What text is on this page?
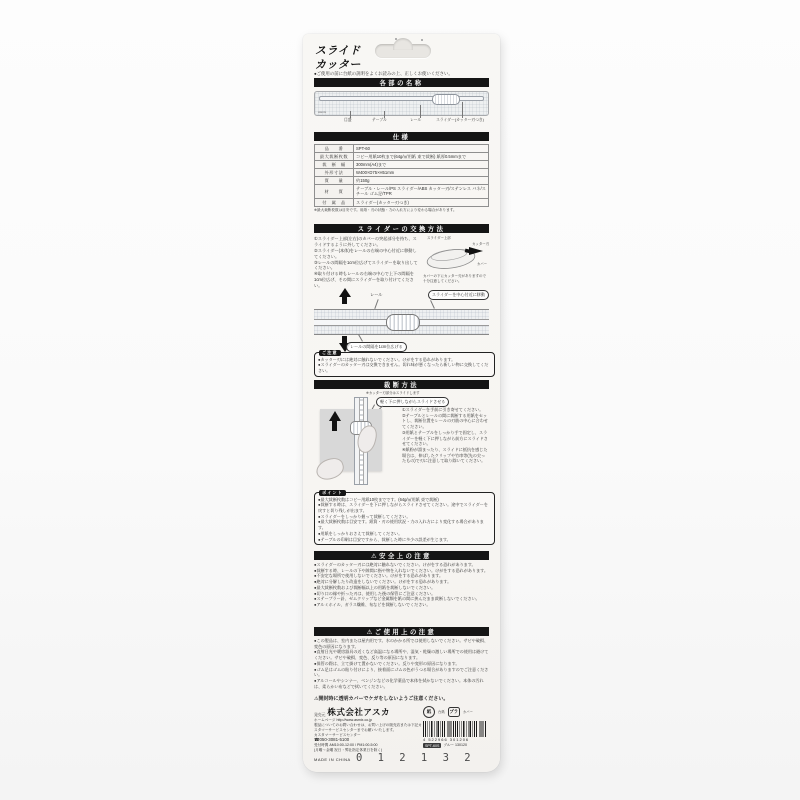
スライド
カッター
●ご使用の前に台紙の説明をよくお読みの上、正しくお使いください。
各部の名称
Asmix
目盛	テーブル	レール	スライダー(カッター刃つき)
仕様
品　　番	SPT-60
最大裁断枚数	コピー用紙10枚まで(64g/㎡用紙 束で裁断) 紙厚0.5mmまで
裁　断　幅	300mm(A4)まで
外形寸法	W400×D75×H51mm
質　　量	約150g
材　　質	テーブル・レール/PS スライダー/ABS カッター刃/ステンレス バネ/スチール ゴム足/TPR
付　属　品	スライダー(カッター刃つき)
※最大裁断枚数は目安です。用紙・刃の状態・力の入れ方により変わる場合があります。
スライダーの交換方法
①スライダー上部(左右)のカバーの突起部分を持ち、スライドするように外してください。
②スライダー(本体)をレールの右端の中心付近に移動してください。
③レールの間隔を1cm位広げてスライダーを取り出してください。
④取り付ける時もレールの右端の中心で上下の間隔を1cm位広げ、その間にスライダーを取り付けてください。
スライダー上部
カッター刃
カバー
カバーの下にカッター刃がありますので十分注意してください。
スライダーを中心付近に移動
レール
レールの間隔を1cm位広げる
ご注意
●カッター刃には絶対に触れないでください。けがをする恐れがあります。
●スライダーのカッター刃は交換できません。切れ味が悪くなったら新しい物に交換してください。
裁断方法
※カッター刃部分はスライドします
軽く下に押しながらスライドさせる
①スライダーを手前に引き寄せてください。
②テーブルとレールの間に裁断する用紙をセットし、裁断位置をレールの刃筋の中心に合わせてください。
③用紙とテーブルをしっかり手で固定し、スライダーを軽く下に押しながら前方にスライドさせてください。
④紙粉が溜まったり、スライドに抵抗を感じた場合は、伸ばしたクリップや竹串等(先の尖ったもの)で刃に注意して取り除いてください。
ポイント
●最大裁断枚数はコピー用紙10枚までです。(64g/㎡用紙 束で裁断)
●裁断する時は、スライダーを下に押しながらスライドさせてください。途中でスライダーを戻すと切り残しが出ます。
●スライダーをしっかり握って裁断してください。
●最大裁断枚数は目安です。紙質・刃の使用状況・力の入れ方により変化する場合があります。
●用紙をしっかりおさえて裁断してください。
●テーブルの印刷は目安ですから、裁断した時に多少の誤差が生じます。
⚠安全上の注意
●スライダーのカッター刃には絶対に触れないでください。けがをする恐れがあります。
●裁断する時、レールの下や隙間に指や物を入れないでください。けがをする恐れがあります。
●不安定な場所で使用しないでください。けがをする恐れがあります。
●絶対に分解したり改造をしないでください。けがをする恐れがあります。
●最大裁断枚数および裁断幅以上の用紙を裁断しないでください。
●切り口の縁や折った刃は、使用した後の保管にご注意ください。
●ステープラー針、ゼムクリップなど金属類を紙の間に挟んだまま裁断しないでください。
●アルミホイル、ガラス繊維、布などを裁断しないでください。
⚠ご使用上の注意
●この製品は、室内または屋内用です。水のかかる所では使用しないでください。サビや破損、変色の原因になります。
●直射日光や暖房器具の近くなど高温になる場所や、湿気・乾燥の激しい場所での使用は避けてください。サビや破損、変色、反り等の原因になります。
●保管の際は、立て掛けて置かないでください。反りや変形の原因になります。
●ゴム足はゴムの貼り付けにより、接着面にゴムの色がうつる場合がありますのでご注意ください。
●アルコールやシンナー、ベンジンなどの化学薬品で本体を拭かないでください。本体の汚れは、柔らかい布などで拭いてください。
⚠開封時に透明カバーでケガをしないようご注意ください。
発売元 株式会社アスカ
ホームページ http://www.asmix.co.jp
製品についてのお問い合わせは、お買い上げの販売店または下記カスタマーサービスセンターまでお願いいたします。
カスタマーサービスセンター
☎050-3081-5100
受付時間 AM10:00-12:00 / PM1:00-5:00
(月曜～金曜 祝日・弊社指定休業日を除く)
紙	台紙	プラ	カバー
4 522966 301206
SPT-60S	ブルー 130120
MADE IN CHINA 0 1 2 1 3 2
